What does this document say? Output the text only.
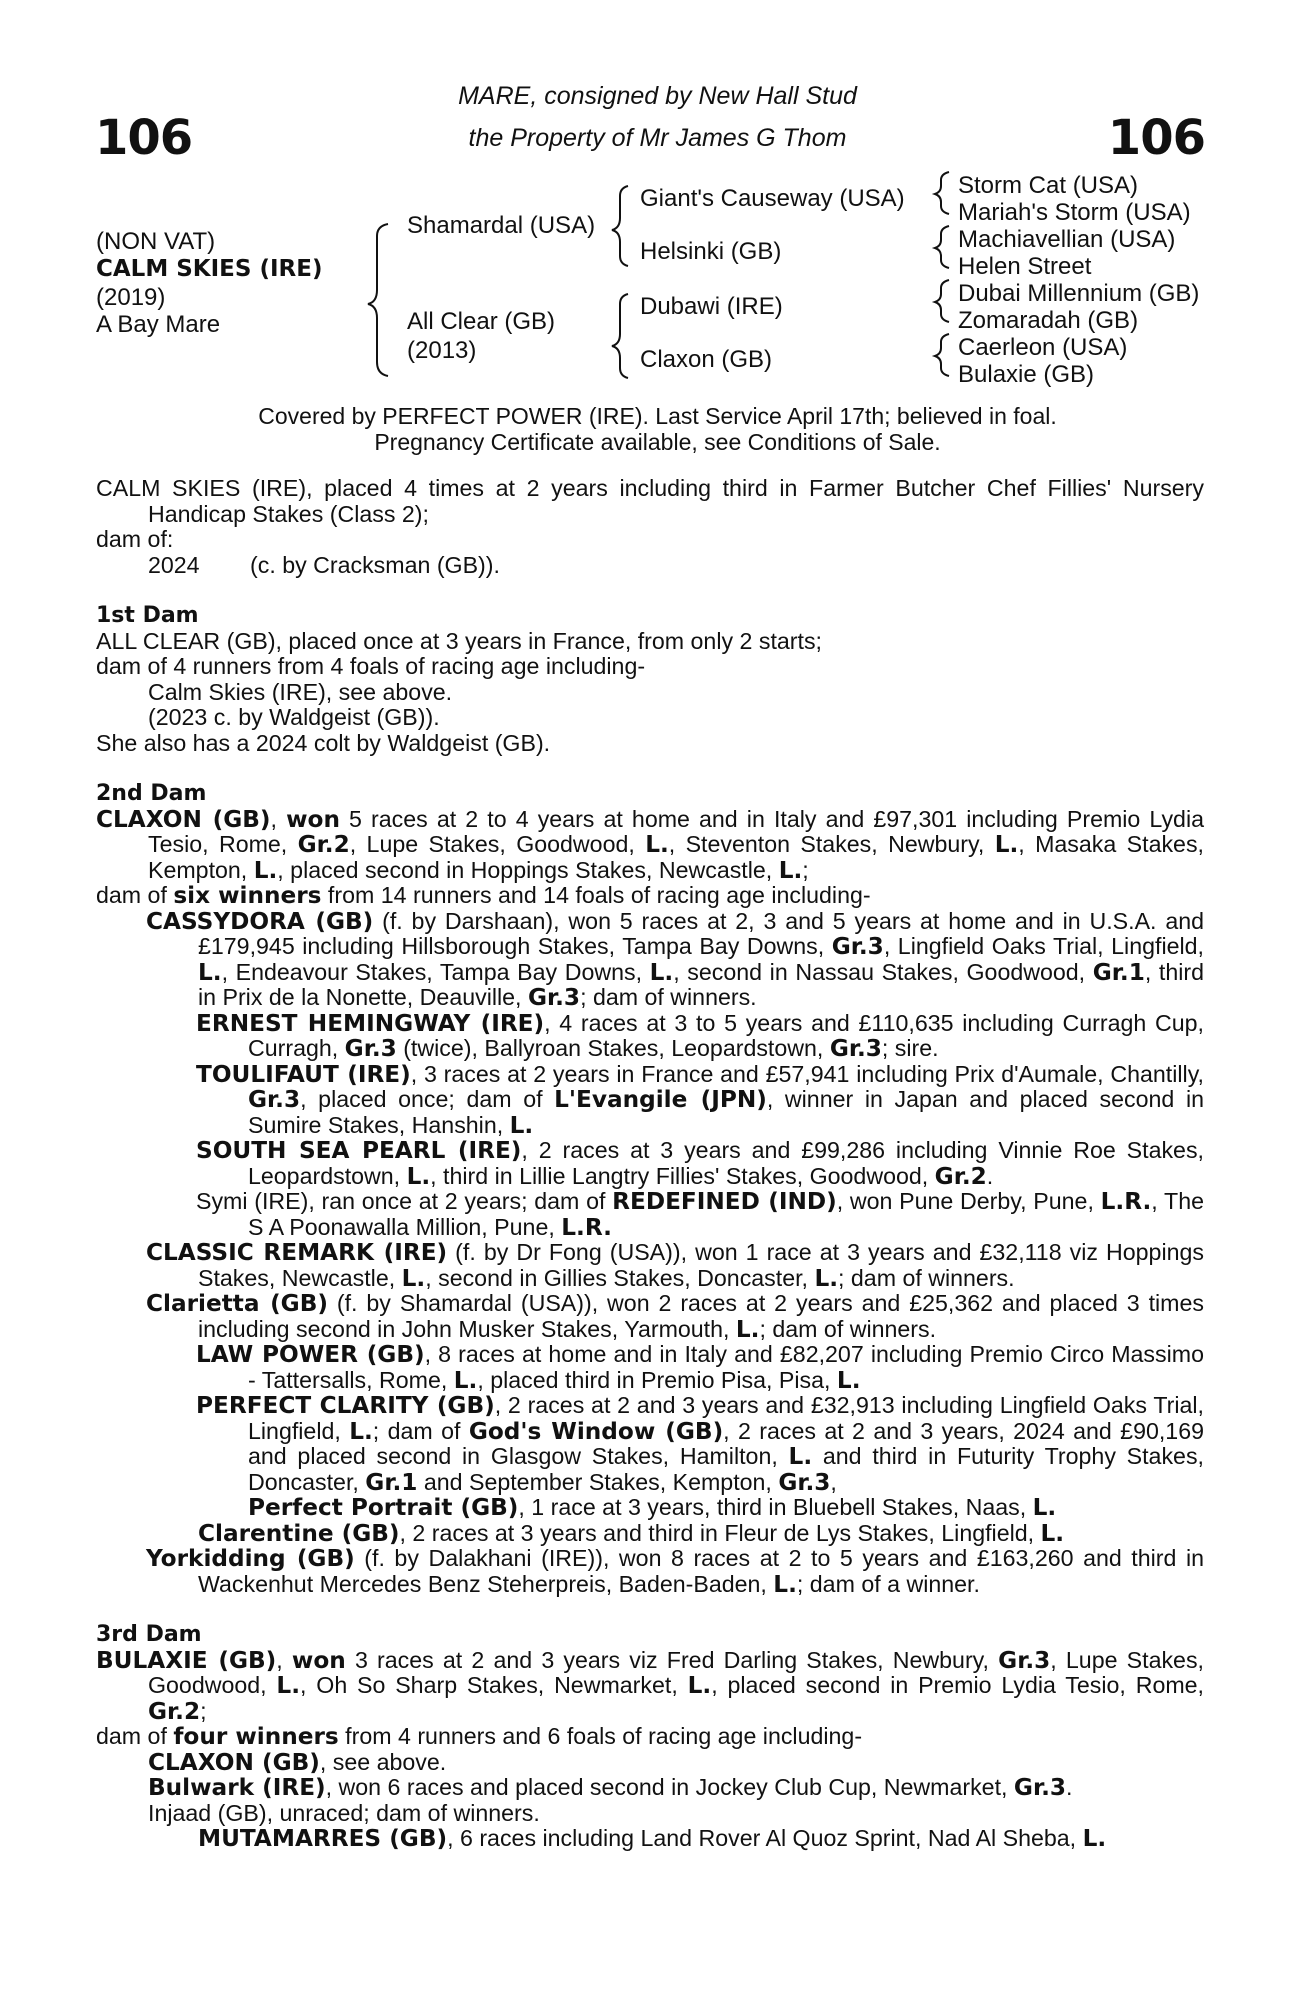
106	106
MARE, consigned by New Hall Stud
the Property of Mr James G Thom
(NON VAT)
CALM SKIES (IRE)
(2019)
A Bay Mare
Shamardal (USA)
All Clear (GB)
(2013)
Giant's Causeway (USA)
Helsinki (GB)
Dubawi (IRE)
Claxon (GB)
Storm Cat (USA)
Mariah's Storm (USA)
Machiavellian (USA)
Helen Street
Dubai Millennium (GB)
Zomaradah (GB)
Caerleon (USA)
Bulaxie (GB)
Covered by PERFECT POWER (IRE). Last Service April 17th; believed in foal.
Pregnancy Certificate available, see Conditions of Sale.

CALM SKIES (IRE), placed 4 times at 2 years including third in Farmer Butcher Chef Fillies' Nursery Handicap Stakes (Class 2);

dam of:

2024 (c. by Cracksman (GB)).

1st Dam

ALL CLEAR (GB), placed once at 3 years in France, from only 2 starts;

dam of 4 runners from 4 foals of racing age including-

Calm Skies (IRE), see above.

(2023 c. by Waldgeist (GB)).

She also has a 2024 colt by Waldgeist (GB).

2nd Dam

CLAXON (GB), won 5 races at 2 to 4 years at home and in Italy and £97,301 including Premio Lydia Tesio, Rome, Gr.2, Lupe Stakes, Goodwood, L., Steventon Stakes, Newbury, L., Masaka Stakes, Kempton, L., placed second in Hoppings Stakes, Newcastle, L.;

dam of six winners from 14 runners and 14 foals of racing age including-

CASSYDORA (GB) (f. by Darshaan), won 5 races at 2, 3 and 5 years at home and in U.S.A. and £179,945 including Hillsborough Stakes, Tampa Bay Downs, Gr.3, Lingfield Oaks Trial, Lingfield, L., Endeavour Stakes, Tampa Bay Downs, L., second in Nassau Stakes, Goodwood, Gr.1, third in Prix de la Nonette, Deauville, Gr.3; dam of winners.

ERNEST HEMINGWAY (IRE), 4 races at 3 to 5 years and £110,635 including Curragh Cup, Curragh, Gr.3 (twice), Ballyroan Stakes, Leopardstown, Gr.3; sire.

TOULIFAUT (IRE), 3 races at 2 years in France and £57,941 including Prix d'Aumale, Chantilly, Gr.3, placed once; dam of L'Evangile (JPN), winner in Japan and placed second in Sumire Stakes, Hanshin, L.

SOUTH SEA PEARL (IRE), 2 races at 3 years and £99,286 including Vinnie Roe Stakes, Leopardstown, L., third in Lillie Langtry Fillies' Stakes, Goodwood, Gr.2.

Symi (IRE), ran once at 2 years; dam of REDEFINED (IND), won Pune Derby, Pune, L.R., The S A Poonawalla Million, Pune, L.R.

CLASSIC REMARK (IRE) (f. by Dr Fong (USA)), won 1 race at 3 years and £32,118 viz Hoppings Stakes, Newcastle, L., second in Gillies Stakes, Doncaster, L.; dam of winners.

Clarietta (GB) (f. by Shamardal (USA)), won 2 races at 2 years and £25,362 and placed 3 times including second in John Musker Stakes, Yarmouth, L.; dam of winners.

LAW POWER (GB), 8 races at home and in Italy and £82,207 including Premio Circo Massimo - Tattersalls, Rome, L., placed third in Premio Pisa, Pisa, L.

PERFECT CLARITY (GB), 2 races at 2 and 3 years and £32,913 including Lingfield Oaks Trial, Lingfield, L.; dam of God's Window (GB), 2 races at 2 and 3 years, 2024 and £90,169 and placed second in Glasgow Stakes, Hamilton, L. and third in Futurity Trophy Stakes, Doncaster, Gr.1 and September Stakes, Kempton, Gr.3,

Perfect Portrait (GB), 1 race at 3 years, third in Bluebell Stakes, Naas, L.

Clarentine (GB), 2 races at 3 years and third in Fleur de Lys Stakes, Lingfield, L.

Yorkidding (GB) (f. by Dalakhani (IRE)), won 8 races at 2 to 5 years and £163,260 and third in Wackenhut Mercedes Benz Steherpreis, Baden-Baden, L.; dam of a winner.

3rd Dam

BULAXIE (GB), won 3 races at 2 and 3 years viz Fred Darling Stakes, Newbury, Gr.3, Lupe Stakes, Goodwood, L., Oh So Sharp Stakes, Newmarket, L., placed second in Premio Lydia Tesio, Rome, Gr.2;

dam of four winners from 4 runners and 6 foals of racing age including-

CLAXON (GB), see above.

Bulwark (IRE), won 6 races and placed second in Jockey Club Cup, Newmarket, Gr.3.

Injaad (GB), unraced; dam of winners.

MUTAMARRES (GB), 6 races including Land Rover Al Quoz Sprint, Nad Al Sheba, L.
